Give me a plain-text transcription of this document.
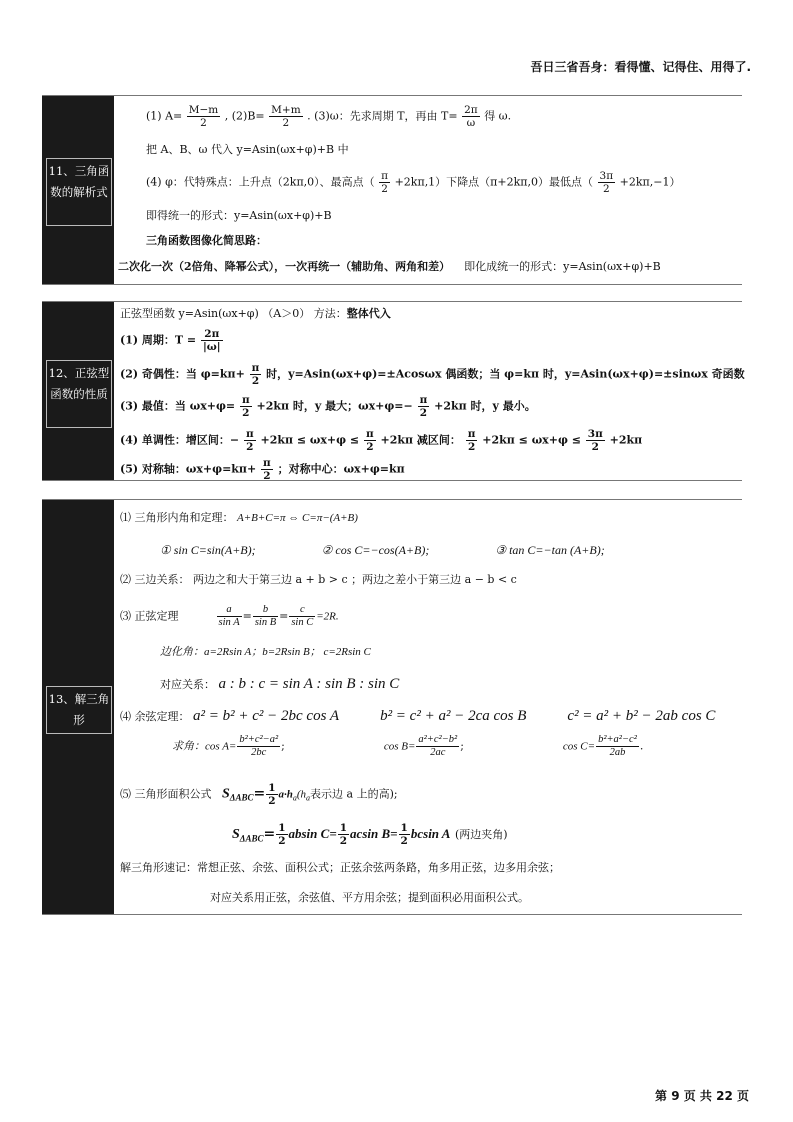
吾日三省吾身：看得懂、记得住、用得了.
11、三角函数的解析式
(1) $A= \frac{M-m}{2}$ , $(2)B= \frac{M+m}{2}$ . (3)ω：先求周期 T，再由 $T= \frac{2\pi}{\omega}$ 得 ω.
把 A、B、ω 代入 y=Asin(ωx+φ)+B 中
(4) φ：代特殊点：上升点（2kπ,0）、最高点（ $\frac{\pi}{2} +2k\pi,1$）下降点（π+2kπ,0）最低点（ $\frac{3\pi}{2} +2k\pi,-1$）
即得统一的形式：y=Asin(ωx+φ)+B
三角函数图像化简思路：
二次化一次（2倍角、降幂公式），一次再统一（辅助角、两角和差） 即化成统一的形式：y=Asin(ωx+φ)+B
12、正弦型函数的性质
正弦型函数 y=Asin(ωx+φ) （A＞0） 方法：整体代入
(1) 周期：$T = \frac{2\pi}{|\omega|}$
(2) 奇偶性：当 $\varphi=k\pi+ \frac{\pi}{2}$ 时，y=Asin(ωx+φ)=±Acosωx 偶函数；当 φ=kπ 时，y=Asin(ωx+φ)=±sinωx 奇函数
(3) 最值：当 $\omega x+\varphi= \frac{\pi}{2} +2k\pi$ 时，y 最大；$\omega x+\varphi=- \frac{\pi}{2} +2k\pi$ 时，y 最小。
(4) 单调性：增区间：− $\frac{\pi}{2} +2k\pi \le \omega x+\varphi \le \frac{\pi}{2} +2k\pi$ 减区间： $\frac{\pi}{2} +2k\pi \le \omega x+\varphi \le \frac{3\pi}{2} +2k\pi$
(5) 对称轴：$\omega x+\varphi=k\pi+ \frac{\pi}{2}$ ；对称中心：ωx+φ=kπ
13、解三角形
⑴ 三角形内角和定理： A+B+C=π ⇔ C=π−(A+B)
① sin C=sin(A+B);	② cos C=−cos(A+B);	③ tan C=−tan (A+B);
⑵ 三边关系： 两边之和大于第三边 a + b > c ；两边之差小于第三边 a − b < c
⑶ 正弦定理	$\frac{a}{\text{sin A}} = \frac{b}{\text{sin B}} = \frac{c}{\text{sin C}} =2R$.
边化角：a=2Rsin A；b=2Rsin B； c=2Rsin C
对应关系： a : b : c = sin A : sin B : sin C
⑷ 余弦定理： a² = b² + c² − 2bc cos A	b² = c² + a² − 2ca cos B	c² = a² + b² − 2ab cos C
求角：$\cos A= \frac{\text{b²+c²−a²}}{2bc}$ ;	$\cos B= \frac{\text{a²+c²−b²}}{2ac}$ ;	$\cos C= \frac{\text{b²+a²−c²}}{2ab}$ .
⑸ 三角形面积公式 $S_{\Delta ABC}= \frac{1}{2} a\cdot h_a(h_a$表示边 a 上的高);
$S_{\Delta ABC}= \frac{1}{2}$ absin $C= \frac{1}{2}$ acsin $B= \frac{1}{2}$ bcsin A (两边夹角)
解三角形速记：常想正弦、余弦、面积公式；正弦余弦两条路，角多用正弦，边多用余弦；
对应关系用正弦，余弦值、平方用余弦；提到面积必用面积公式。
第 9 页 共 22 页
